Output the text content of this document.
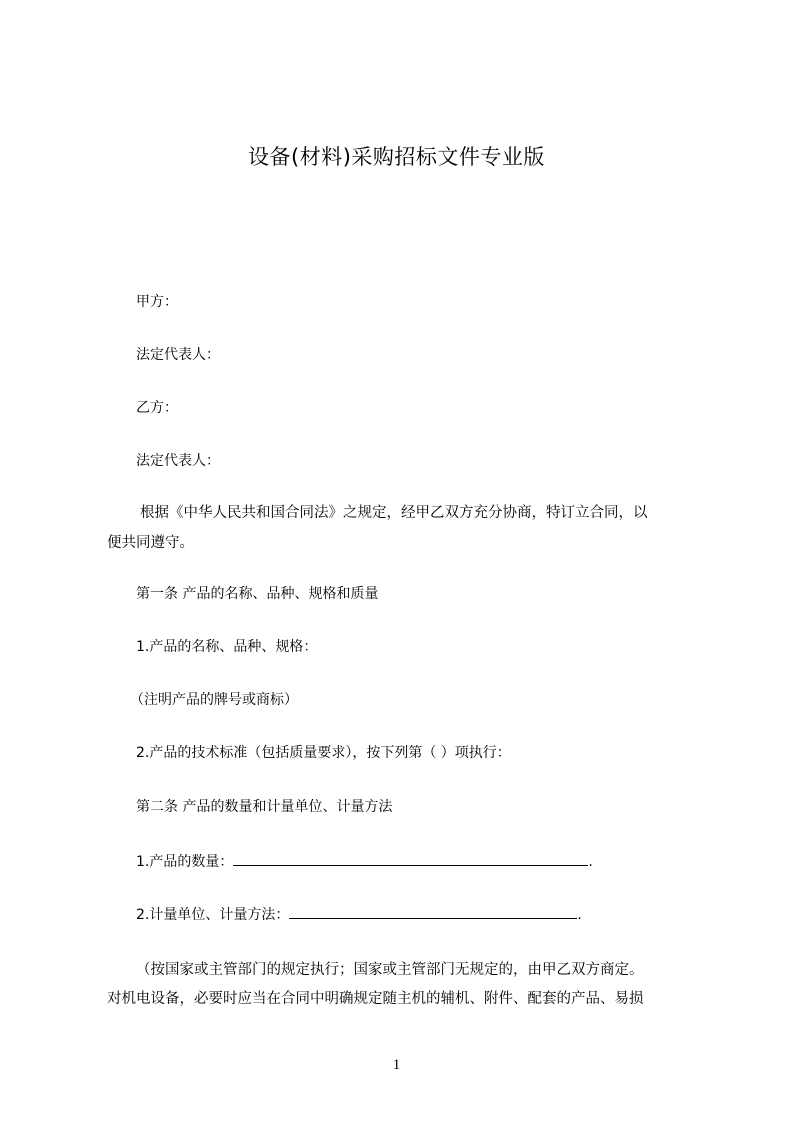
设备(材料)采购招标文件专业版
甲方：
法定代表人：
乙方：
法定代表人：
根据《中华人民共和国合同法》之规定，经甲乙双方充分协商，特订立合同，以
便共同遵守。
第一条 产品的名称、品种、规格和质量
1.产品的名称、品种、规格：
（注明产品的牌号或商标）
2.产品的技术标准（包括质量要求），按下列第（ ）项执行：
第二条 产品的数量和计量单位、计量方法
1.产品的数量：	.
2.计量单位、计量方法：	.
（按国家或主管部门的规定执行；国家或主管部门无规定的，由甲乙双方商定。
对机电设备，必要时应当在合同中明确规定随主机的辅机、附件、配套的产品、易损
1
